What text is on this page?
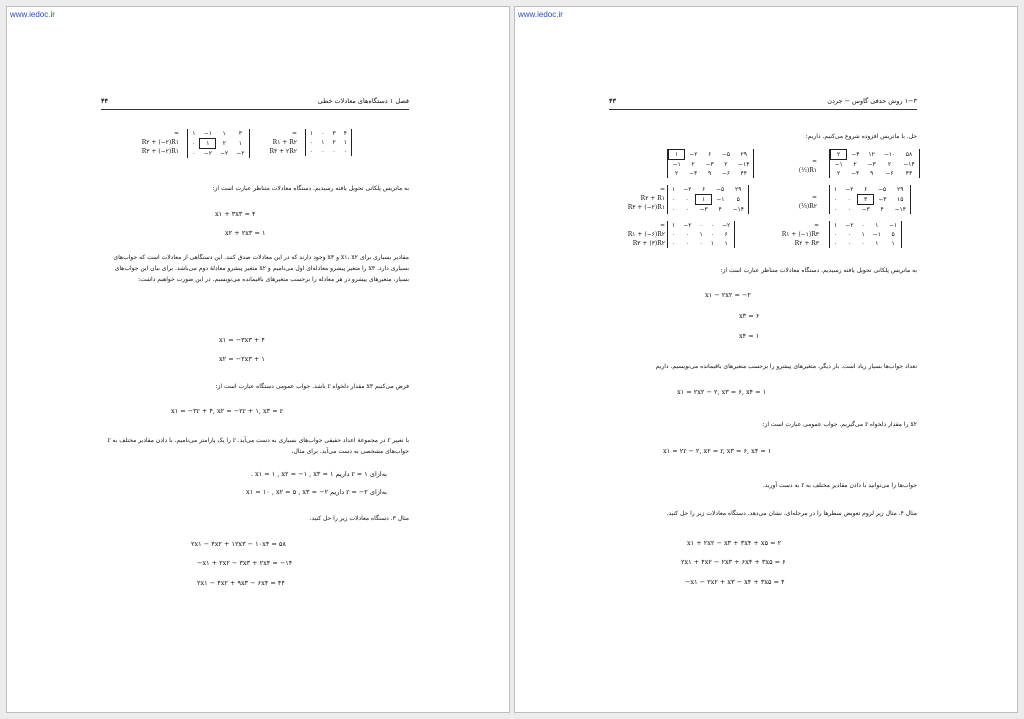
www.iedoc.ir
۴۴	فصل ۱ دستگاه‌های معادلات خطی
≈
R۲ + (−۲)R۱
R۳ + (−۲)R۱
۱	−۱	۱	۳
۰	۱	۲	۱
۰	−۲	−۲	−۲
≈
R۱ + R۲
R۳ + ۲R۲
۱	۰	۳	۴
۰	۱	۲	۱
۰	۰	۰	۰
به ماتریس پلکانی تحویل یافته رسیدیم. دستگاه معادلات متناظر عبارت است از:
x۱ + ۳x۳ = ۴
x۲ + ۲x۳ = ۱
مقادیر بسیاری برای x۱، x۲ و x۳ وجود دارند که در این معادلات صدق کنند. این دستگاهی از معادلات است که جواب‌های بسیاری دارد. x۳ را متغیر پیشرو معادله‌ای اول می‌نامیم و x۲ متغیر پیشرو معادلهٔ دوم می‌باشد. برای بیان این جواب‌های بسیار، متغیرهای پیشرو در هر معادله را برحسب متغیرهای باقیمانده می‌نویسیم. در این صورت خواهیم داشت:
x۱ = −۳x۳ + ۴
x۲ = −۲x۳ + ۱
فرض می‌کنیم x۳ مقدار دلخواه r باشد. جواب عمومی دستگاه عبارت است از:
x۱ = −۳r + ۴, x۲ = −۲r + ۱, x۳ = r
با تغییر r در مجموعهٔ اعداد حقیقی جواب‌های بسیاری به دست می‌آید. r را یک پارامتر می‌نامیم. با دادن مقادیر مختلف به r جواب‌های مشخصی به دست می‌آید. برای مثال،
به‌ازای r = ۱ داریم x۱ = ۱ , x۲ = −۱ , x۳ = ۱ .
به‌ازای r = −۲ داریم x۱ = ۱۰ , x۲ = ۵ , x۳ = −۲
مثال ۳. دستگاه معادلات زیر را حل کنید.
۲x۱ − ۴x۲ + ۱۲x۳ − ۱۰x۴ = ۵۸
−x۱ + ۲x۲ − ۳x۳ + ۲x۴ = −۱۴
۲x۱ − ۴x۲ + ۹x۳ − ۶x۴ = ۴۴
www.iedoc.ir
۴۳	۱−۳ روش حذفی گاوس − جردن
حل. با ماتریس افزوده شروع می‌کنیم. داریم:
۲	−۴	۱۲	−۱۰	۵۸
−۱	۲	−۳	۲	−۱۴
۲	−۴	۹	−۶	۴۴
≈
(½)R۱
۱	−۲	۶	−۵	۲۹
−۱	۲	−۳	۲	−۱۴
۲	−۴	۹	−۶	۴۴
≈
R۲ + R۱
R۳ + (−۲)R۱
۱	−۲	۶	−۵	۲۹
۰	۰	۳	−۳	۱۵
۰	۰	−۳	۴	−۱۴
≈
(⅓)R۲
۱	−۲	۶	−۵	۲۹
۰	۰	۱	−۱	۵
۰	۰	−۳	۴	−۱۴
≈
R۱ + (−۶)R۲
R۳ + (۳)R۲
۱	−۲	۰	۱	−۱
۰	۰	۱	−۱	۵
۰	۰	۰	۱	۱
≈
R۱ + (−۱)R۳
R۲ + R۳
۱	−۲	۰	۰	−۲
۰	۰	۱	۰	۶
۰	۰	۰	۱	۱
به ماتریس پلکانی تحویل یافته رسیدیم. دستگاه معادلات متناظر عبارت است از:
x۱ − ۲x۲ = −۲
x۳ = ۶
x۴ = ۱
تعداد جواب‌ها بسیار زیاد است. بار دیگر، متغیرهای پیشرو را برحسب متغیرهای باقیمانده می‌نویسیم. داریم
x۱ = ۲x۲ − ۲, x۳ = ۶, x۴ = ۱
x۲ را مقدار دلخواه r می‌گیریم. جواب عمومی عبارت است از:
x۱ = ۲r − ۲, x۲ = r, x۳ = ۶, x۴ = ۱
جواب‌ها را می‌توانید با دادن مقادیر مختلف به r به دست آورید.
مثال ۴. مثال زیر لزوم تعویض سطرها را در مرحله‌ای، نشان می‌دهد. دستگاه معادلات زیر را حل کنید.
x۱ + ۲x۲ − x۳ + ۳x۴ + x۵ = ۲
۲x۱ + ۴x۲ − ۲x۳ + ۶x۴ + ۳x۵ = ۶
−x۱ − ۲x۲ + x۳ − x۴ + ۳x۵ = ۴
